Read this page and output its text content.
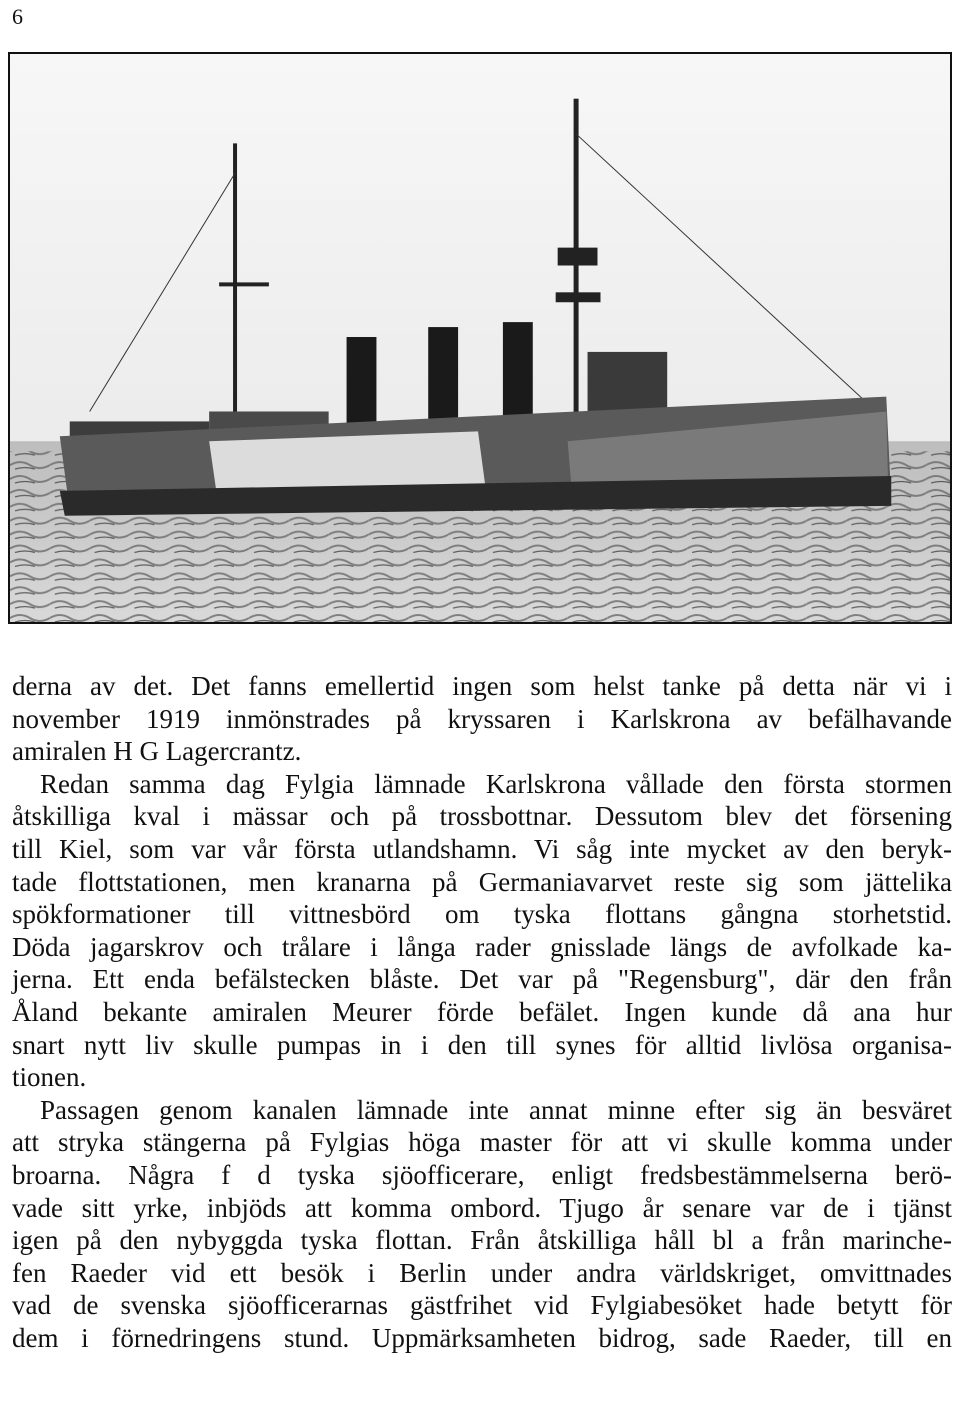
6
derna av det. Det fanns emellertid ingen som helst tanke på detta när vi i
november 1919 inmönstrades på kryssaren i Karlskrona av befälhavande
amiralen H G Lagercrantz.
Redan samma dag Fylgia lämnade Karlskrona vållade den första stormen
åtskilliga kval i mässar och på trossbottnar. Dessutom blev det försening
till Kiel, som var vår första utlandshamn. Vi såg inte mycket av den beryk-
tade flottstationen, men kranarna på Germaniavarvet reste sig som jättelika
spökformationer till vittnesbörd om tyska flottans gångna storhetstid.
Döda jagarskrov och trålare i långa rader gnisslade längs de avfolkade ka-
jerna. Ett enda befälstecken blåste. Det var på "Regensburg", där den från
Åland bekante amiralen Meurer förde befälet. Ingen kunde då ana hur
snart nytt liv skulle pumpas in i den till synes för alltid livlösa organisa-
tionen.
Passagen genom kanalen lämnade inte annat minne efter sig än besväret
att stryka stängerna på Fylgias höga master för att vi skulle komma under
broarna. Några f d tyska sjöofficerare, enligt fredsbestämmelserna berö-
vade sitt yrke, inbjöds att komma ombord. Tjugo år senare var de i tjänst
igen på den nybyggda tyska flottan. Från åtskilliga håll bl a från marinche-
fen Raeder vid ett besök i Berlin under andra världskriget, omvittnades
vad de svenska sjöofficerarnas gästfrihet vid Fylgiabesöket hade betytt för
dem i förnedringens stund. Uppmärksamheten bidrog, sade Raeder, till en
